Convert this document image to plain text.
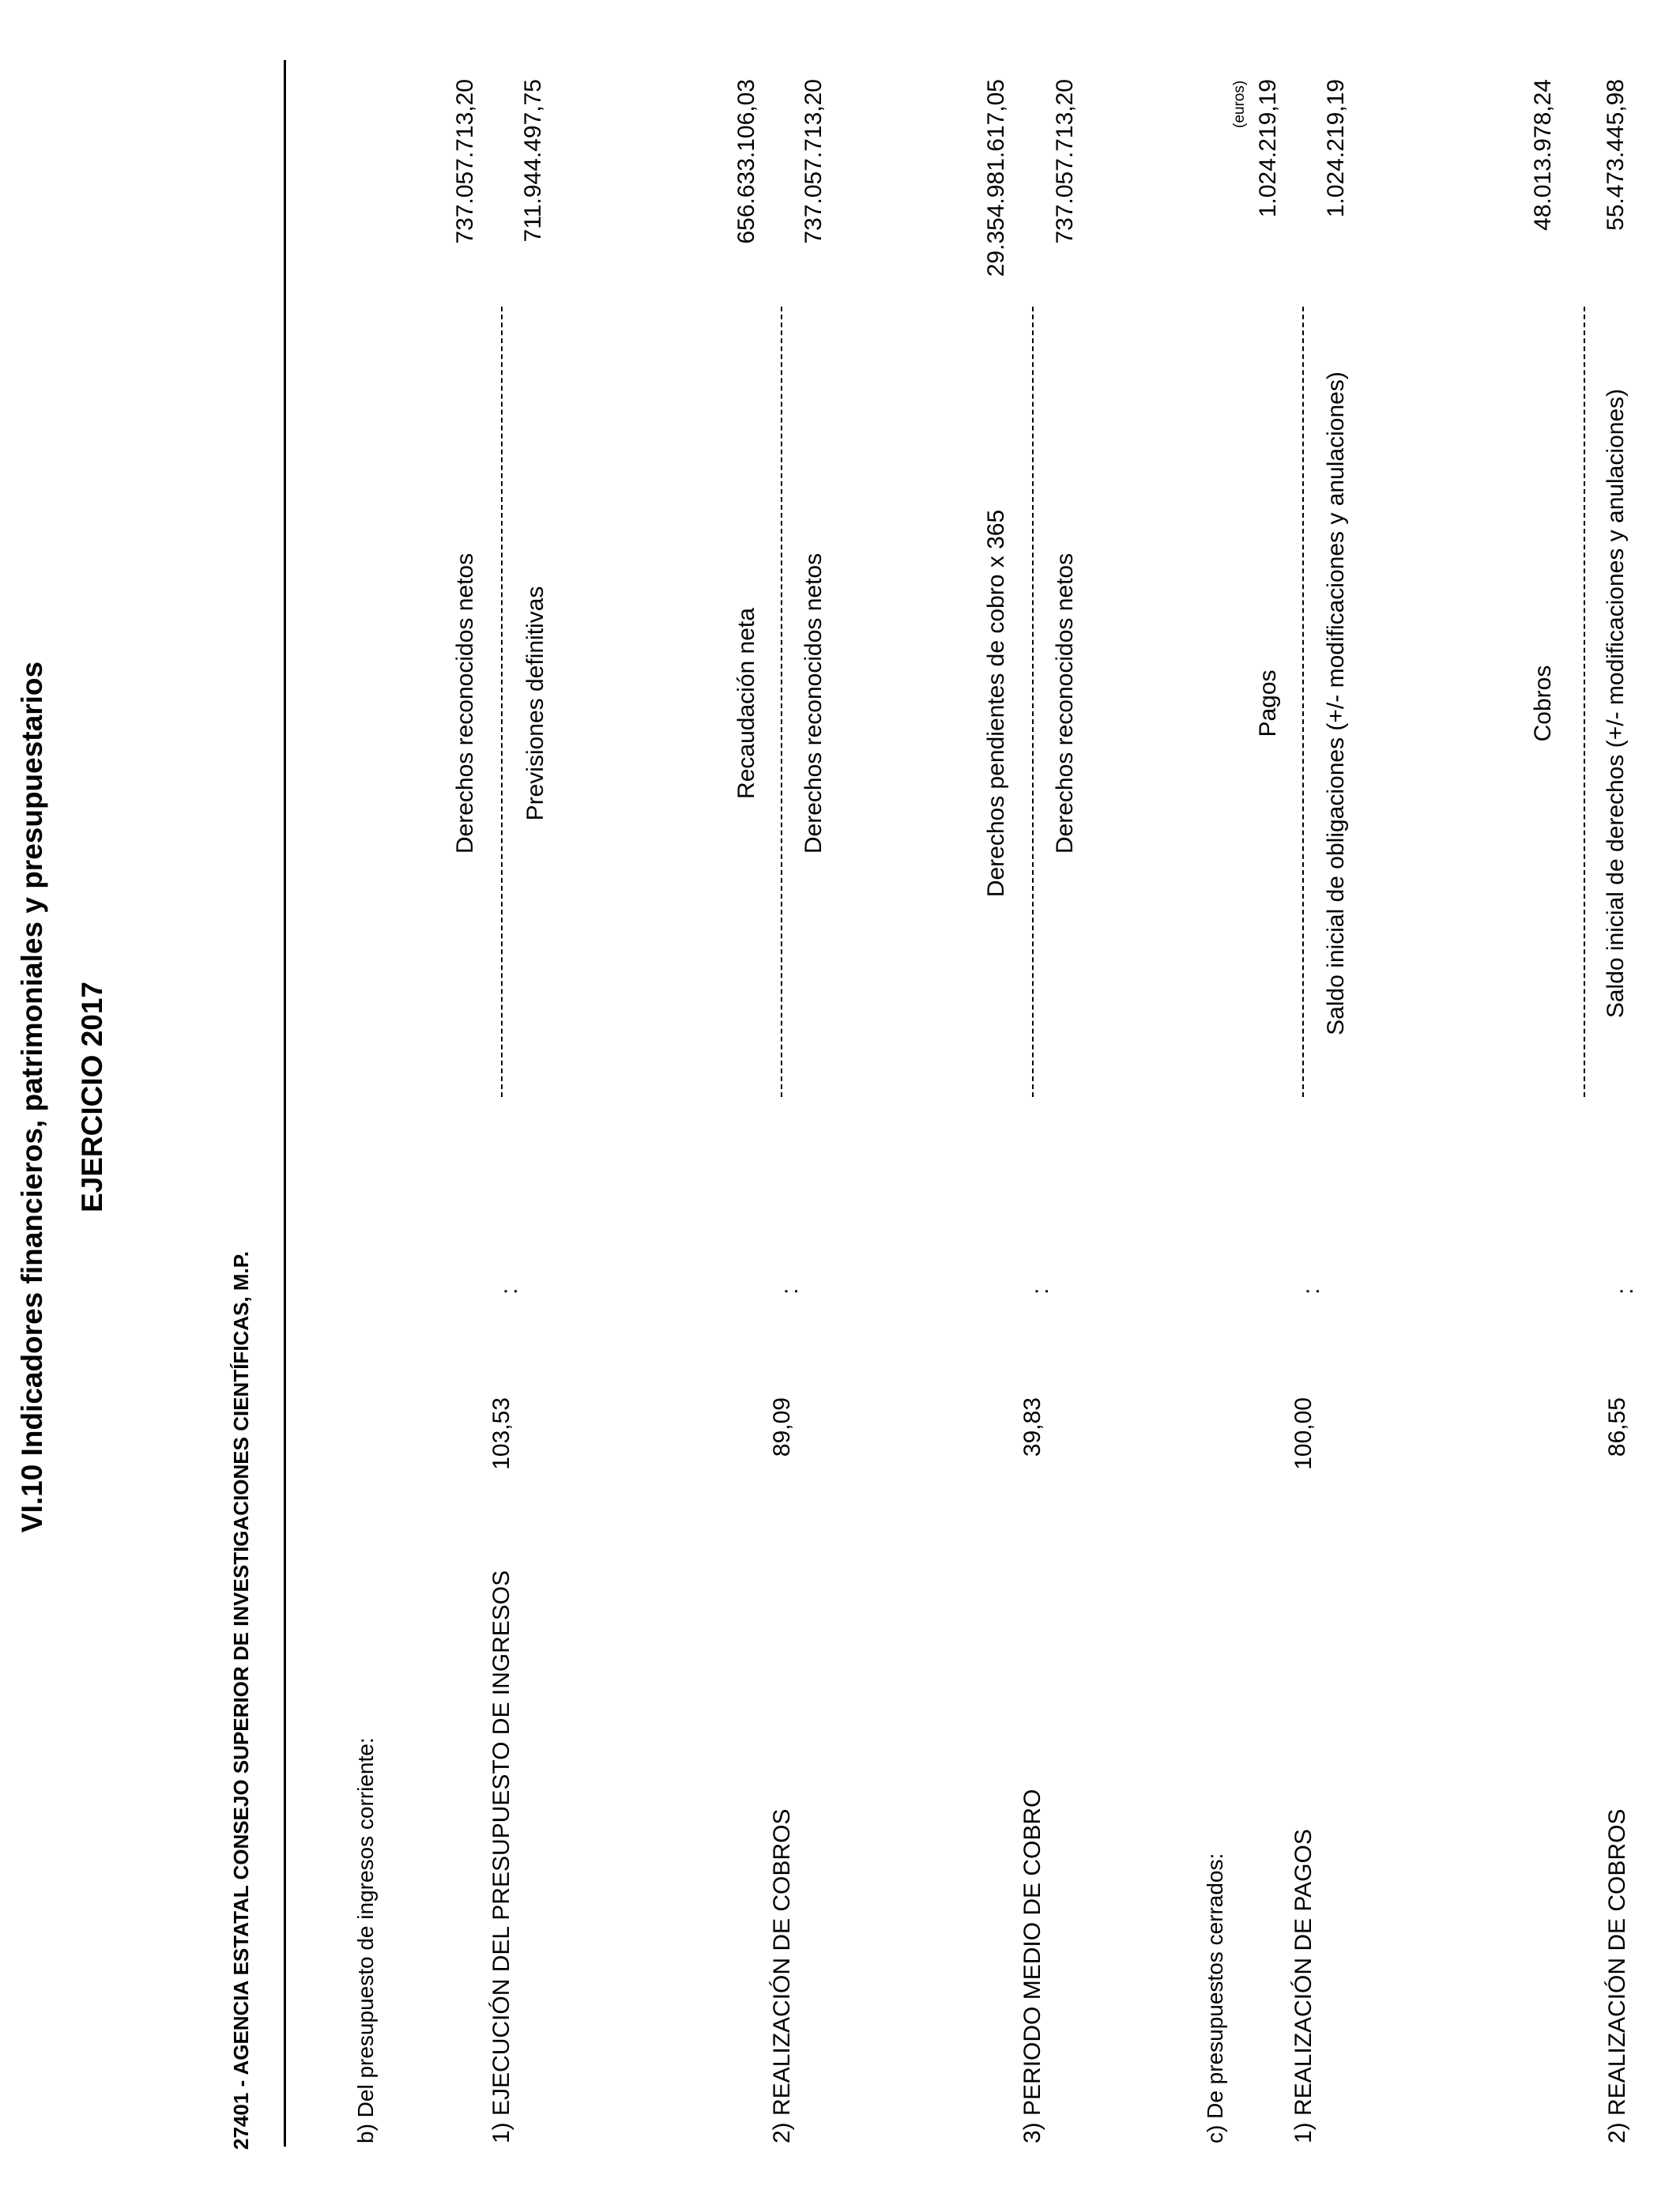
VI.10 Indicadores financieros, patrimoniales y presupuestarios EJERCICIO 2017
27401 - AGENCIA ESTATAL CONSEJO SUPERIOR DE INVESTIGACIONES CIENTÍFICAS, M.P.
(euros)
b) Del presupuesto de ingresos corriente:	1) EJECUCIÓN DEL PRESUPUESTO DE INGRESOS
103,53
:
Derechos reconocidos netos Previsiones definitivas
737.057.713,20 711.944.497,75
2) REALIZACIÓN DE COBROS
89,09
:
Recaudación neta Derechos reconocidos netos
656.633.106,03 737.057.713,20
3) PERIODO MEDIO DE COBRO
39,83
:
Derechos pendientes de cobro x 365 Derechos reconocidos netos
29.354.981.617,05 737.057.713,20
c) De presupuestos cerrados:	1) REALIZACIÓN DE PAGOS
100,00
:
Pagos Saldo inicial de obligaciones (+/- modificaciones y anulaciones)
1.024.219,19 1.024.219,19
2) REALIZACIÓN DE COBROS
86,55
:
Cobros Saldo inicial de derechos (+/- modificaciones y anulaciones)
48.013.978,24 55.473.445,98
